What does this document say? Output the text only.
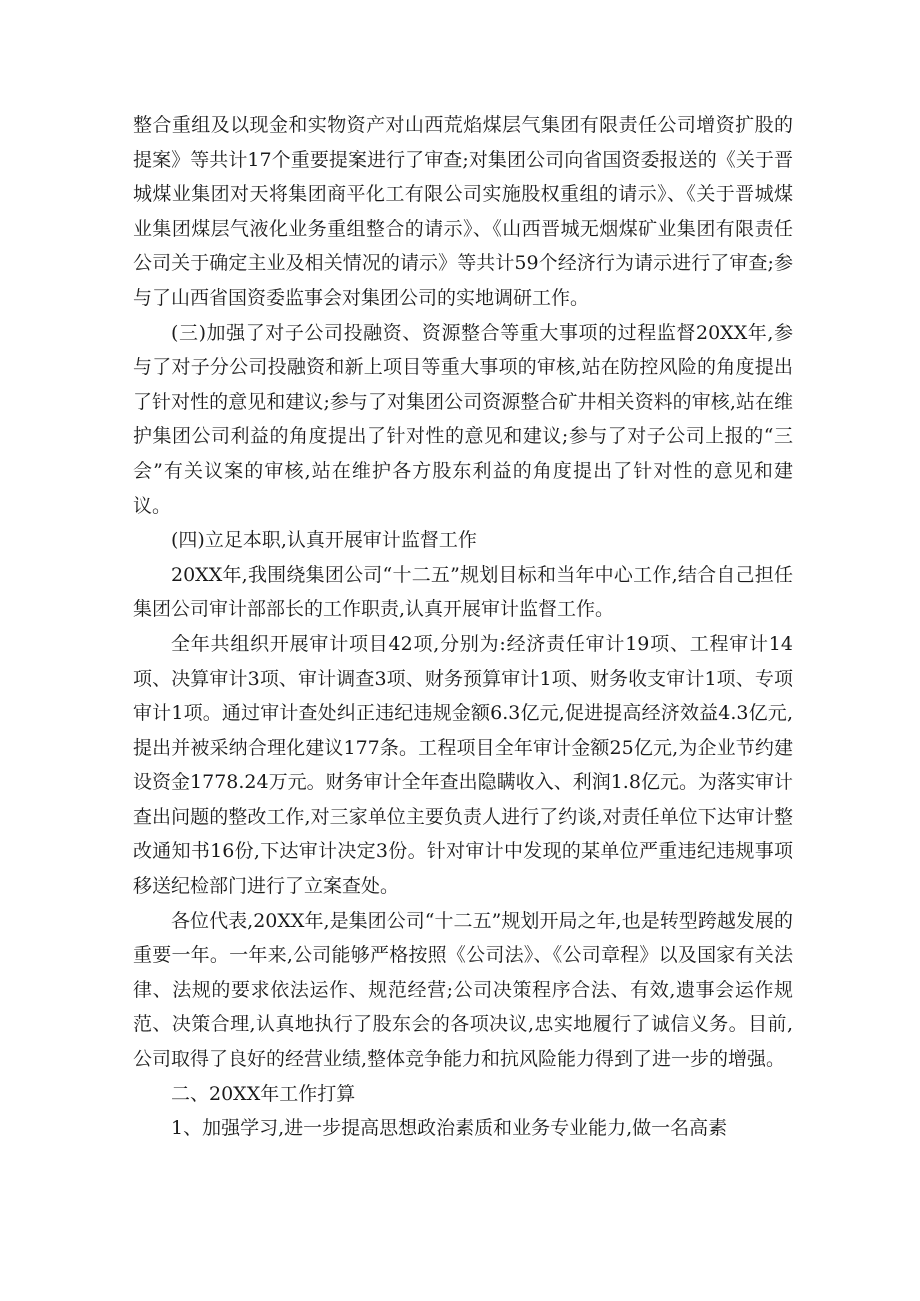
整合重组及以现金和实物资产对山西荒焰煤层气集团有限责任公司增资扩股的提案》等共计17个重要提案进行了审查;对集团公司向省国资委报送的《关于晋城煤业集团对天将集团商平化工有限公司实施股权重组的请示》、《关于晋城煤业集团煤层气液化业务重组整合的请示》、《山西晋城无烟煤矿业集团有限责任公司关于确定主业及相关情况的请示》等共计59个经济行为请示进行了审查;参与了山西省国资委监事会对集团公司的实地调研工作。

(三)加强了对子公司投融资、资源整合等重大事项的过程监督20XX年,参与了对子分公司投融资和新上项目等重大事项的审核,站在防控风险的角度提出了针对性的意见和建议;参与了对集团公司资源整合矿井相关资料的审核,站在维护集团公司利益的角度提出了针对性的意见和建议;参与了对子公司上报的“三会”有关议案的审核,站在维护各方股东利益的角度提出了针对性的意见和建议。

(四)立足本职,认真开展审计监督工作

20XX年,我围绕集团公司“十二五”规划目标和当年中心工作,结合自己担任集团公司审计部部长的工作职责,认真开展审计监督工作。

全年共组织开展审计项目42项,分别为:经济责任审计19项、工程审计14项、决算审计3项、审计调查3项、财务预算审计1项、财务收支审计1项、专项审计1项。通过审计查处纠正违纪违规金额6.3亿元,促进提高经济效益4.3亿元,提出并被采纳合理化建议177条。工程项目全年审计金额25亿元,为企业节约建设资金1778.24万元。财务审计全年查出隐瞒收入、利润1.8亿元。为落实审计查出问题的整改工作,对三家单位主要负责人进行了约谈,对责任单位下达审计整改通知书16份,下达审计决定3份。针对审计中发现的某单位严重违纪违规事项移送纪检部门进行了立案查处。

各位代表,20XX年,是集团公司“十二五”规划开局之年,也是转型跨越发展的重要一年。一年来,公司能够严格按照《公司法》、《公司章程》以及国家有关法律、法规的要求依法运作、规范经营;公司决策程序合法、有效,遗事会运作规范、决策合理,认真地执行了股东会的各项决议,忠实地履行了诚信义务。目前,公司取得了良好的经营业绩,整体竞争能力和抗风险能力得到了进一步的增强。

二、20XX年工作打算

1、加强学习,进一步提高思想政治素质和业务专业能力,做一名高素
